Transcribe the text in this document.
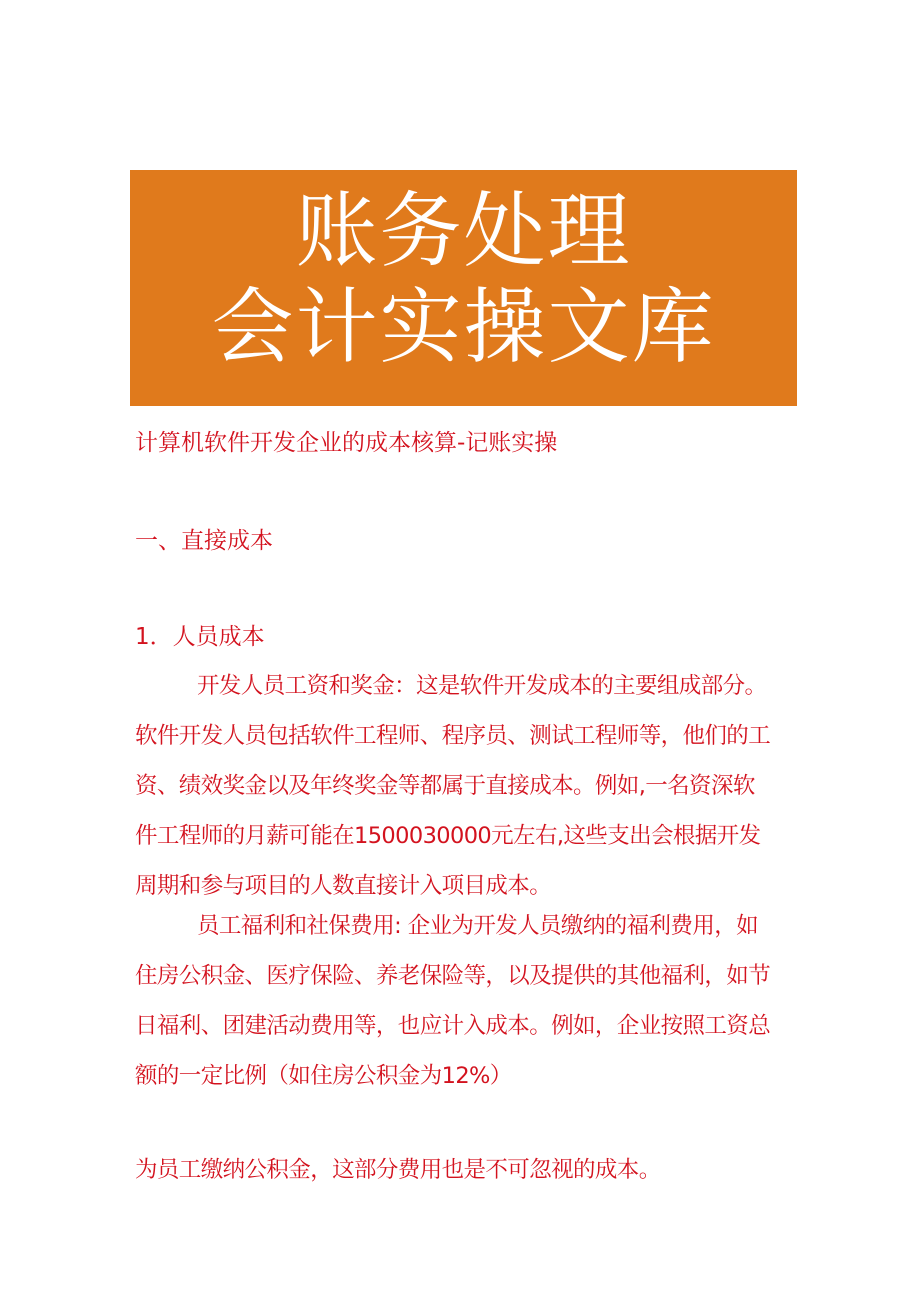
账务处理
会计实操文库
计算机软件开发企业的成本核算-记账实操
一、直接成本
1．人员成本
开发人员工资和奖金：这是软件开发成本的主要组成部分。
软件开发人员包括软件工程师、程序员、测试工程师等，他们的工
资、绩效奖金以及年终奖金等都属于直接成本。例如,一名资深软
件工程师的月薪可能在1500030000元左右,这些支出会根据开发
周期和参与项目的人数直接计入项目成本。
员工福利和社保费用: 企业为开发人员缴纳的福利费用，如
住房公积金、医疗保险、养老保险等，以及提供的其他福利，如节
日福利、团建活动费用等，也应计入成本。例如，企业按照工资总
额的一定比例（如住房公积金为12%）
为员工缴纳公积金，这部分费用也是不可忽视的成本。
